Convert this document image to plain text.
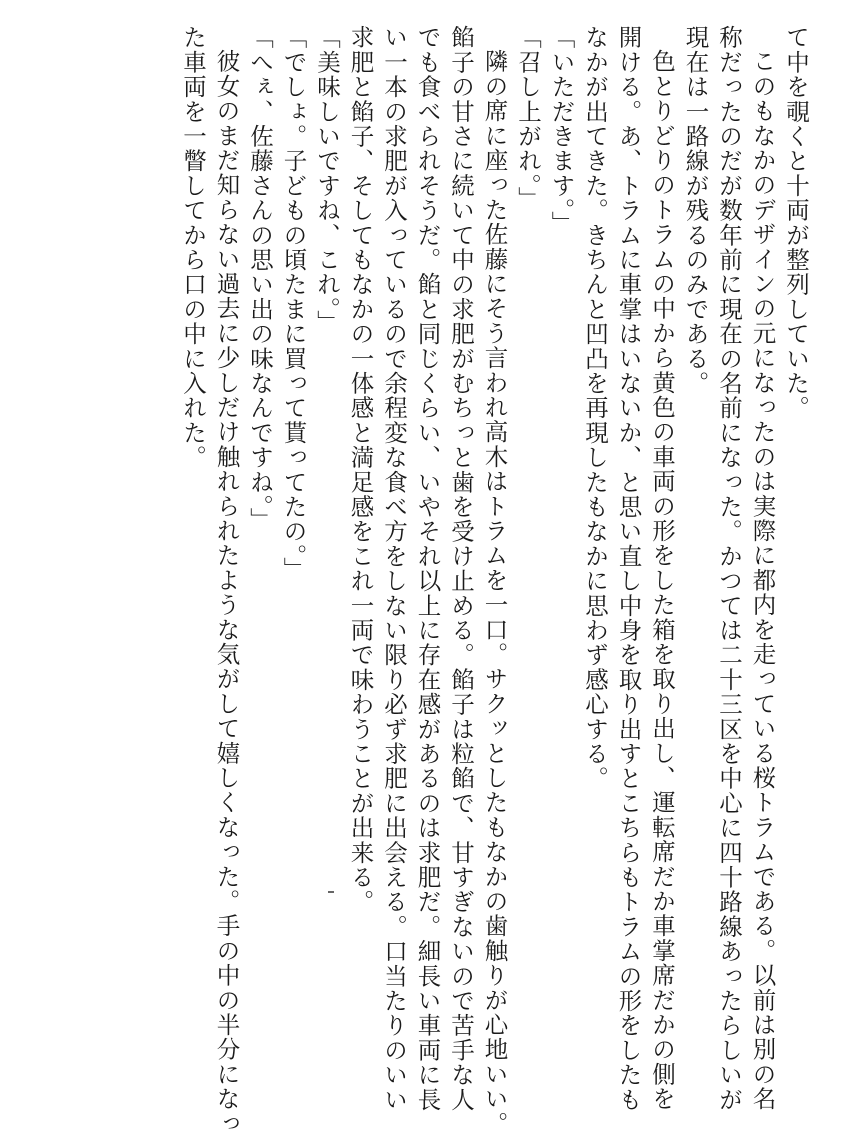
て中を覗くと十両が整列していた。
このもなかのデザインの元になったのは実際に都内を走っている桜トラムである。以前は別の名
称だったのだが数年前に現在の名前になった。かつては二十三区を中心に四十路線あったらしいが
現在は一路線が残るのみである。
色とりどりのトラムの中から黄色の車両の形をした箱を取り出し、運転席だか車掌席だかの側を
開ける。あ、トラムに車掌はいないか、と思い直し中身を取り出すとこちらもトラムの形をしたも
なかが出てきた。きちんと凹凸を再現したもなかに思わず感心する。
「いただきます。」
「召し上がれ。」
隣の席に座った佐藤にそう言われ高木はトラムを一口。サクッとしたもなかの歯触りが心地いい。
餡子の甘さに続いて中の求肥がむちっと歯を受け止める。餡子は粒餡で、甘すぎないので苦手な人
でも食べられそうだ。餡と同じくらい、いやそれ以上に存在感があるのは求肥だ。細長い車両に長
い一本の求肥が入っているので余程変な食べ方をしない限り必ず求肥に出会える。口当たりのいい
求肥と餡子、そしてもなかの一体感と満足感をこれ一両で味わうことが出来る。
「美味しいですね、これ。」
「でしょ。子どもの頃たまに買って貰ってたの。」
「へぇ、佐藤さんの思い出の味なんですね。」
彼女のまだ知らない過去に少しだけ触れられたような気がして嬉しくなった。手の中の半分になっ
た車両を一瞥してから口の中に入れた。
